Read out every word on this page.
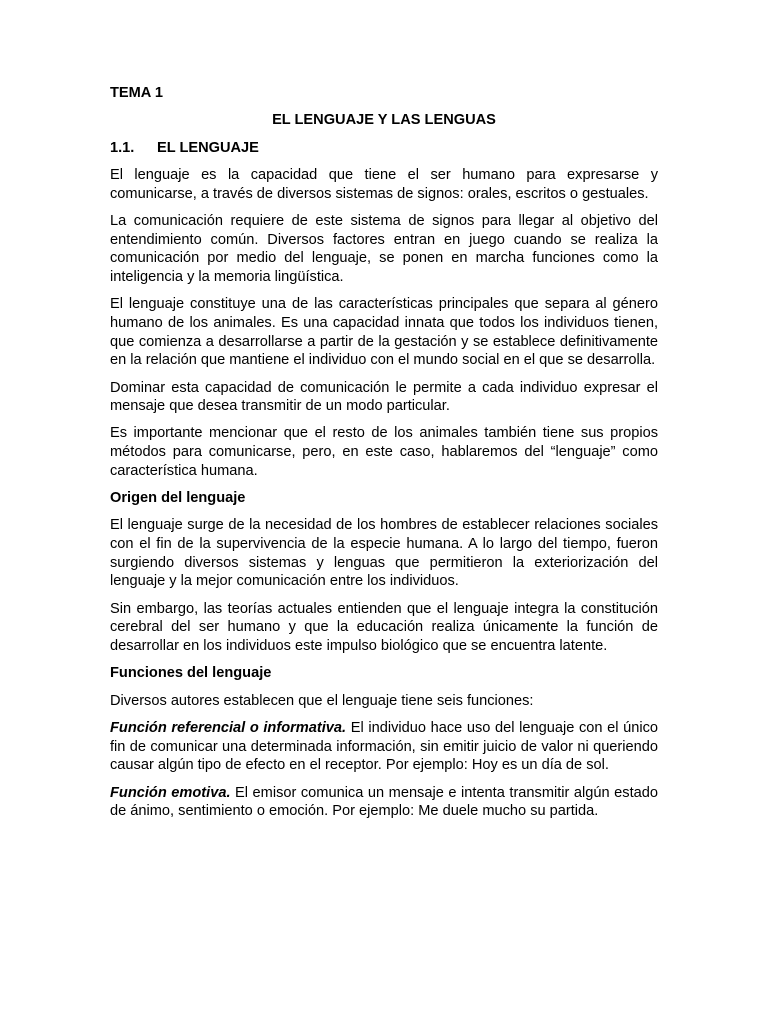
TEMA 1
EL LENGUAJE Y LAS LENGUAS
1.1. EL LENGUAJE

El lenguaje es la capacidad que tiene el ser humano para expresarse y comunicarse, a través de diversos sistemas de signos: orales, escritos o gestuales.

La comunicación requiere de este sistema de signos para llegar al objetivo del entendimiento común. Diversos factores entran en juego cuando se realiza la comunicación por medio del lenguaje, se ponen en marcha funciones como la inteligencia y la memoria lingüística.

El lenguaje constituye una de las características principales que separa al género humano de los animales. Es una capacidad innata que todos los individuos tienen, que comienza a desarrollarse a partir de la gestación y se establece definitivamente en la relación que mantiene el individuo con el mundo social en el que se desarrolla.

Dominar esta capacidad de comunicación le permite a cada individuo expresar el mensaje que desea transmitir de un modo particular.

Es importante mencionar que el resto de los animales también tiene sus propios métodos para comunicarse, pero, en este caso, hablaremos del “lenguaje” como característica humana.

Origen del lenguaje

El lenguaje surge de la necesidad de los hombres de establecer relaciones sociales con el fin de la supervivencia de la especie humana. A lo largo del tiempo, fueron surgiendo diversos sistemas y lenguas que permitieron la exteriorización del lenguaje y la mejor comunicación entre los individuos.

Sin embargo, las teorías actuales entienden que el lenguaje integra la constitución cerebral del ser humano y que la educación realiza únicamente la función de desarrollar en los individuos este impulso biológico que se encuentra latente.

Funciones del lenguaje

Diversos autores establecen que el lenguaje tiene seis funciones:

Función referencial o informativa. El individuo hace uso del lenguaje con el único fin de comunicar una determinada información, sin emitir juicio de valor ni queriendo causar algún tipo de efecto en el receptor. Por ejemplo: Hoy es un día de sol.

Función emotiva. El emisor comunica un mensaje e intenta transmitir algún estado de ánimo, sentimiento o emoción. Por ejemplo: Me duele mucho su partida.
